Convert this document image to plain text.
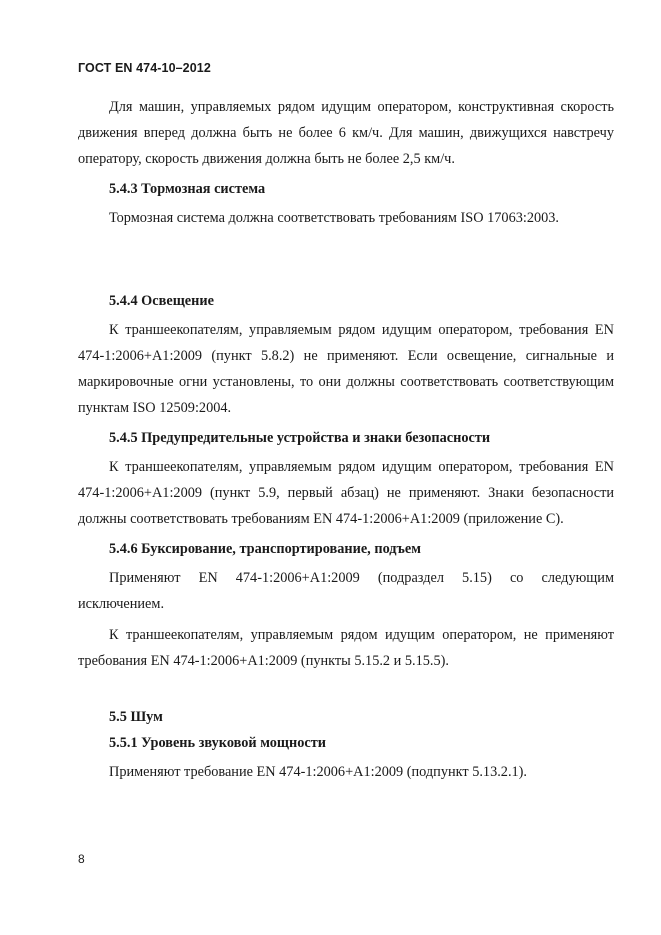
ГОСТ EN 474-10–2012

Для машин, управляемых рядом идущим оператором, конструктивная скорость движения вперед должна быть не более 6 км/ч. Для машин, движущихся навстречу оператору, скорость движения должна быть не более 2,5 км/ч.

5.4.3 Тормозная система

Тормозная система должна соответствовать требованиям ISO 17063:2003.

5.4.4 Освещение

К траншеекопателям, управляемым рядом идущим оператором, требования EN 474-1:2006+A1:2009 (пункт 5.8.2) не применяют. Если освещение, сигнальные и маркировочные огни установлены, то они должны соответствовать соответствующим пунктам ISO 12509:2004.

5.4.5 Предупредительные устройства и знаки безопасности

К траншеекопателям, управляемым рядом идущим оператором, требования EN 474-1:2006+A1:2009 (пункт 5.9, первый абзац) не применяют. Знаки безопасности должны соответствовать требованиям EN 474-1:2006+A1:2009 (приложение С).

5.4.6 Буксирование, транспортирование, подъем

Применяют EN 474-1:2006+A1:2009 (подраздел 5.15) со следующим исключением.

К траншеекопателям, управляемым рядом идущим оператором, не применяют требования EN 474-1:2006+A1:2009 (пункты 5.15.2 и 5.15.5).

5.5 Шум

5.5.1 Уровень звуковой мощности

Применяют требование EN 474-1:2006+A1:2009 (подпункт 5.13.2.1).

8
